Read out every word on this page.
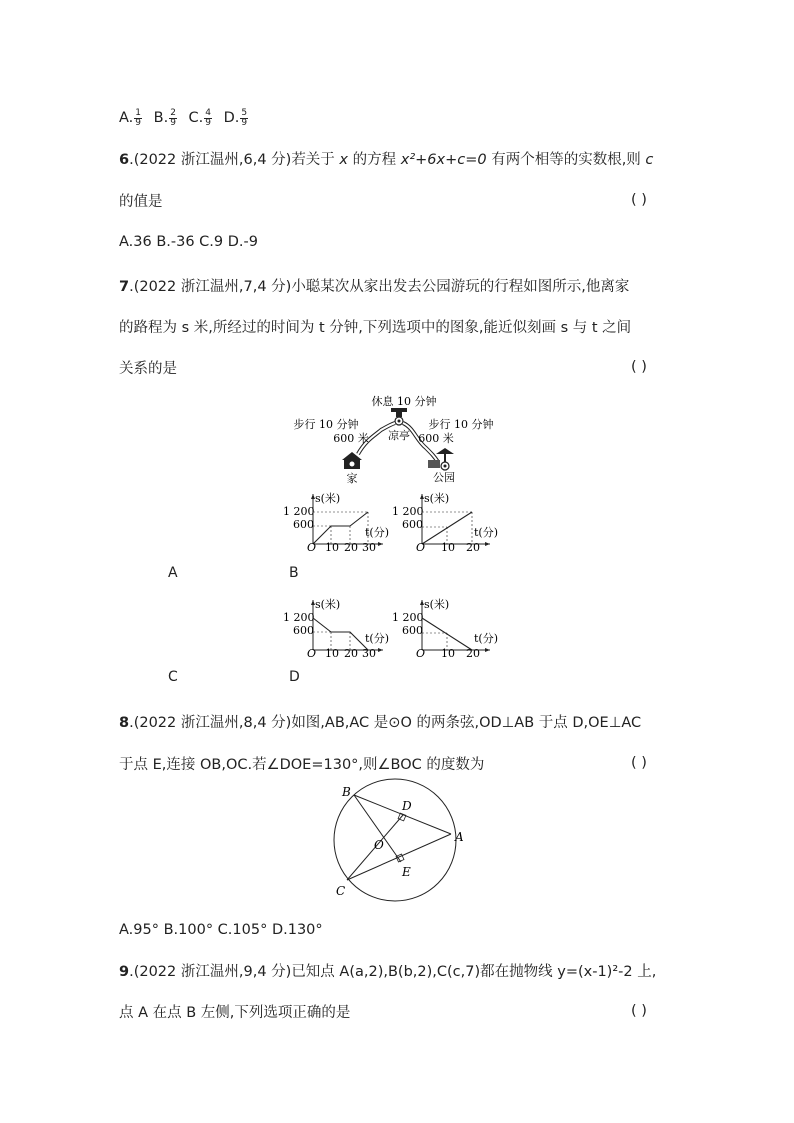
A. $\frac{1}{9} B$. $\frac{2}{9} C$. $\frac{4}{9} D$. $\frac{5}{9}$
6.(2022 浙江温州,6,4 分)若关于 x 的方程 x²+6x+c=0 有两个相等的实数根,则 c
的值是	( )
A.36 B.-36 C.9 D.-9
7.(2022 浙江温州,7,4 分)小聪某次从家出发去公园游玩的行程如图所示,他离家
的路程为 s 米,所经过的时间为 t 分钟,下列选项中的图象,能近似刻画 s 与 t 之间
关系的是	( )
休息 10 分钟
步行 10 分钟
600 米 凉亭
步行 10 分钟
600 米
家	公园
s(米)
1 200
600
O 10 20 30
t(分)
s(米)
1 200
600
O 10 20
t(分)
A	B
s(米)
1 200
600
O 10 20 30
t(分)
s(米)
1 200
600
O 10 20
t(分)
C	D
8.(2022 浙江温州,8,4 分)如图,AB,AC 是⊙O 的两条弦,OD⊥AB 于点 D,OE⊥AC
于点 E,连接 OB,OC.若∠DOE=130°,则∠BOC 的度数为	( )
B
D
A
O
E
C
A.95° B.100° C.105° D.130°
9.(2022 浙江温州,9,4 分)已知点 A(a,2),B(b,2),C(c,7)都在抛物线 y=(x-1)²-2 上,
点 A 在点 B 左侧,下列选项正确的是	( )
